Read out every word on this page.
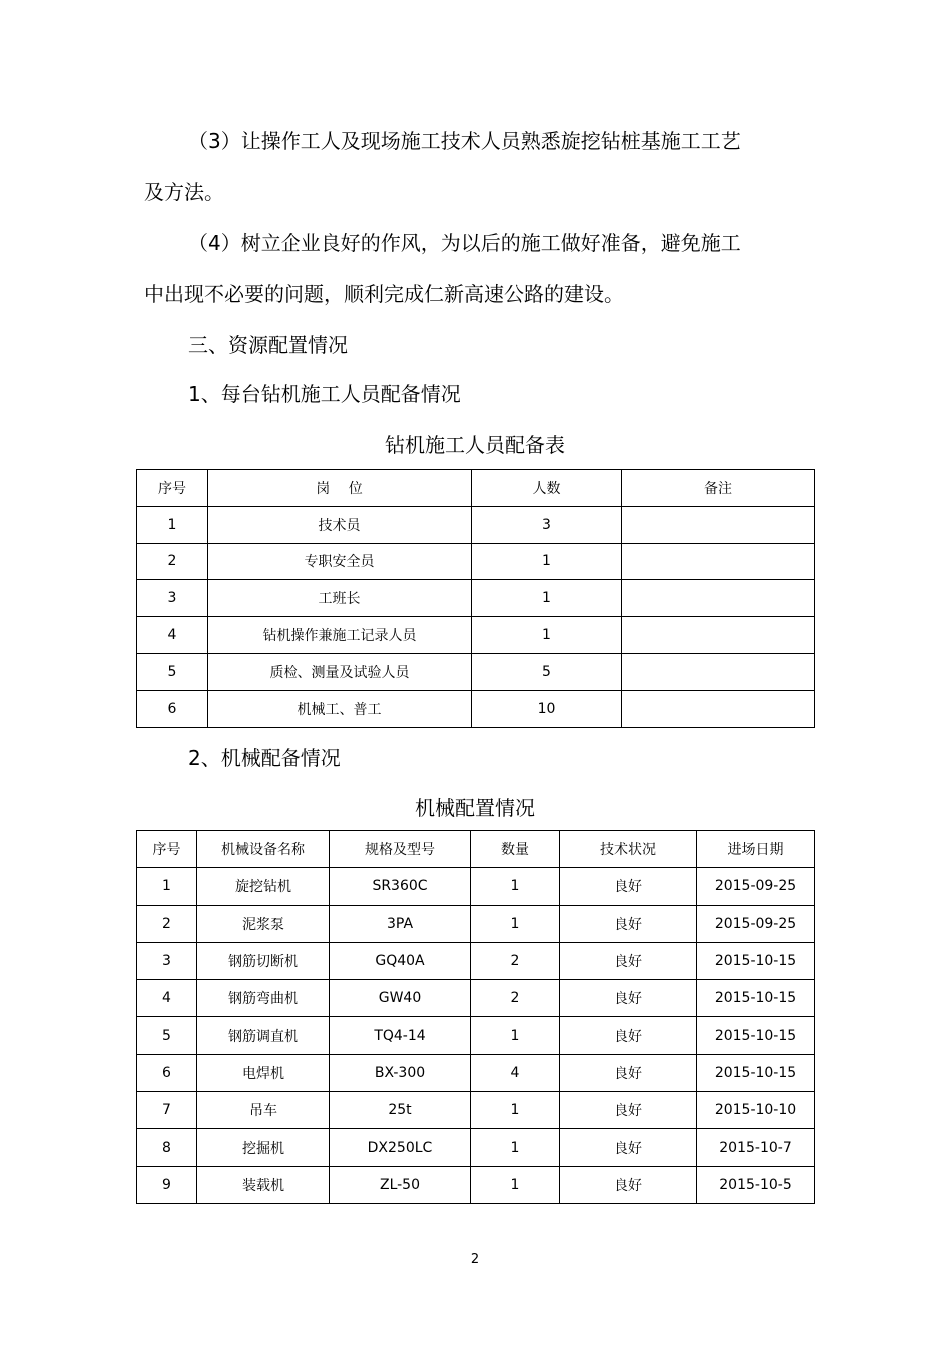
（3）让操作工人及现场施工技术人员熟悉旋挖钻桩基施工工艺
及方法。

（4）树立企业良好的作风，为以后的施工做好准备，避免施工
中出现不必要的问题，顺利完成仁新高速公路的建设。

三、资源配置情况

1、每台钻机施工人员配备情况

钻机施工人员配备表

序号	岗　 位	人数	备注
1	技术员	3	
2	专职安全员	1	
3	工班长	1	
4	钻机操作兼施工记录人员	1	
5	质检、测量及试验人员	5	
6	机械工、普工	10	

2、机械配备情况

机械配置情况

序号	机械设备名称	规格及型号	数量	技术状况	进场日期
1	旋挖钻机	SR360C	1	良好	2015-09-25
2	泥浆泵	3PA	1	良好	2015-09-25
3	钢筋切断机	GQ40A	2	良好	2015-10-15
4	钢筋弯曲机	GW40	2	良好	2015-10-15
5	钢筋调直机	TQ4-14	1	良好	2015-10-15
6	电焊机	BX-300	4	良好	2015-10-15
7	吊车	25t	1	良好	2015-10-10
8	挖掘机	DX250LC	1	良好	2015-10-7
9	装载机	ZL-50	1	良好	2015-10-5

2
